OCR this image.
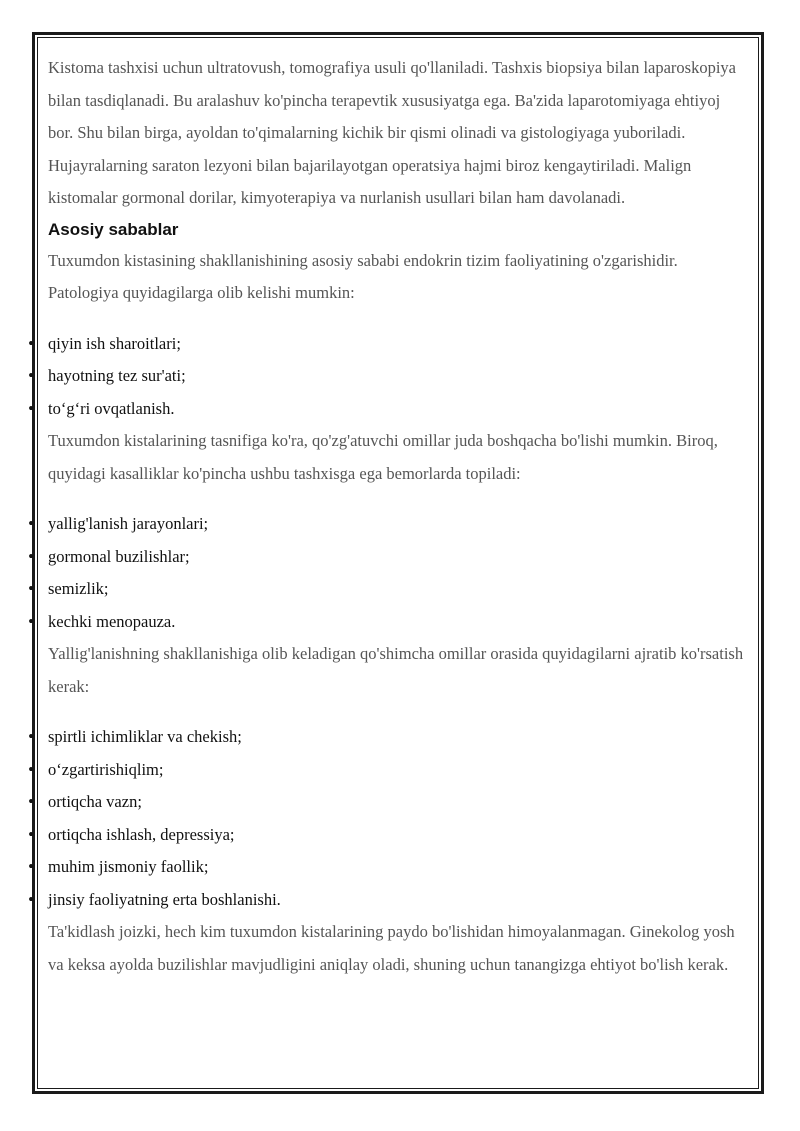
Kistoma tashxisi uchun ultratovush, tomografiya usuli qo'llaniladi. Tashxis biopsiya bilan laparoskopiya bilan tasdiqlanadi. Bu aralashuv ko'pincha terapevtik xususiyatga ega. Ba'zida laparotomiyaga ehtiyoj bor. Shu bilan birga, ayoldan to'qimalarning kichik bir qismi olinadi va gistologiyaga yuboriladi. Hujayralarning saraton lezyoni bilan bajarilayotgan operatsiya hajmi biroz kengaytiriladi. Malign kistomalar gormonal dorilar, kimyoterapiya va nurlanish usullari bilan ham davolanadi.

Asosiy sabablar

Tuxumdon kistasining shakllanishining asosiy sababi endokrin tizim faoliyatining o'zgarishidir. Patologiya quyidagilarga olib kelishi mumkin:

• qiyin ish sharoitlari;
• hayotning tez sur'ati;
• to‘g‘ri ovqatlanish.

Tuxumdon kistalarining tasnifiga ko'ra, qo'zg'atuvchi omillar juda boshqacha bo'lishi mumkin. Biroq, quyidagi kasalliklar ko'pincha ushbu tashxisga ega bemorlarda topiladi:

• yallig'lanish jarayonlari;
• gormonal buzilishlar;
• semizlik;
• kechki menopauza.

Yallig'lanishning shakllanishiga olib keladigan qo'shimcha omillar orasida quyidagilarni ajratib ko'rsatish kerak:

• spirtli ichimliklar va chekish;
• o‘zgartirishiqlim;
• ortiqcha vazn;
• ortiqcha ishlash, depressiya;
• muhim jismoniy faollik;
• jinsiy faoliyatning erta boshlanishi.

Ta'kidlash joizki, hech kim tuxumdon kistalarining paydo bo'lishidan himoyalanmagan. Ginekolog yosh va keksa ayolda buzilishlar mavjudligini aniqlay oladi, shuning uchun tanangizga ehtiyot bo'lish kerak.
